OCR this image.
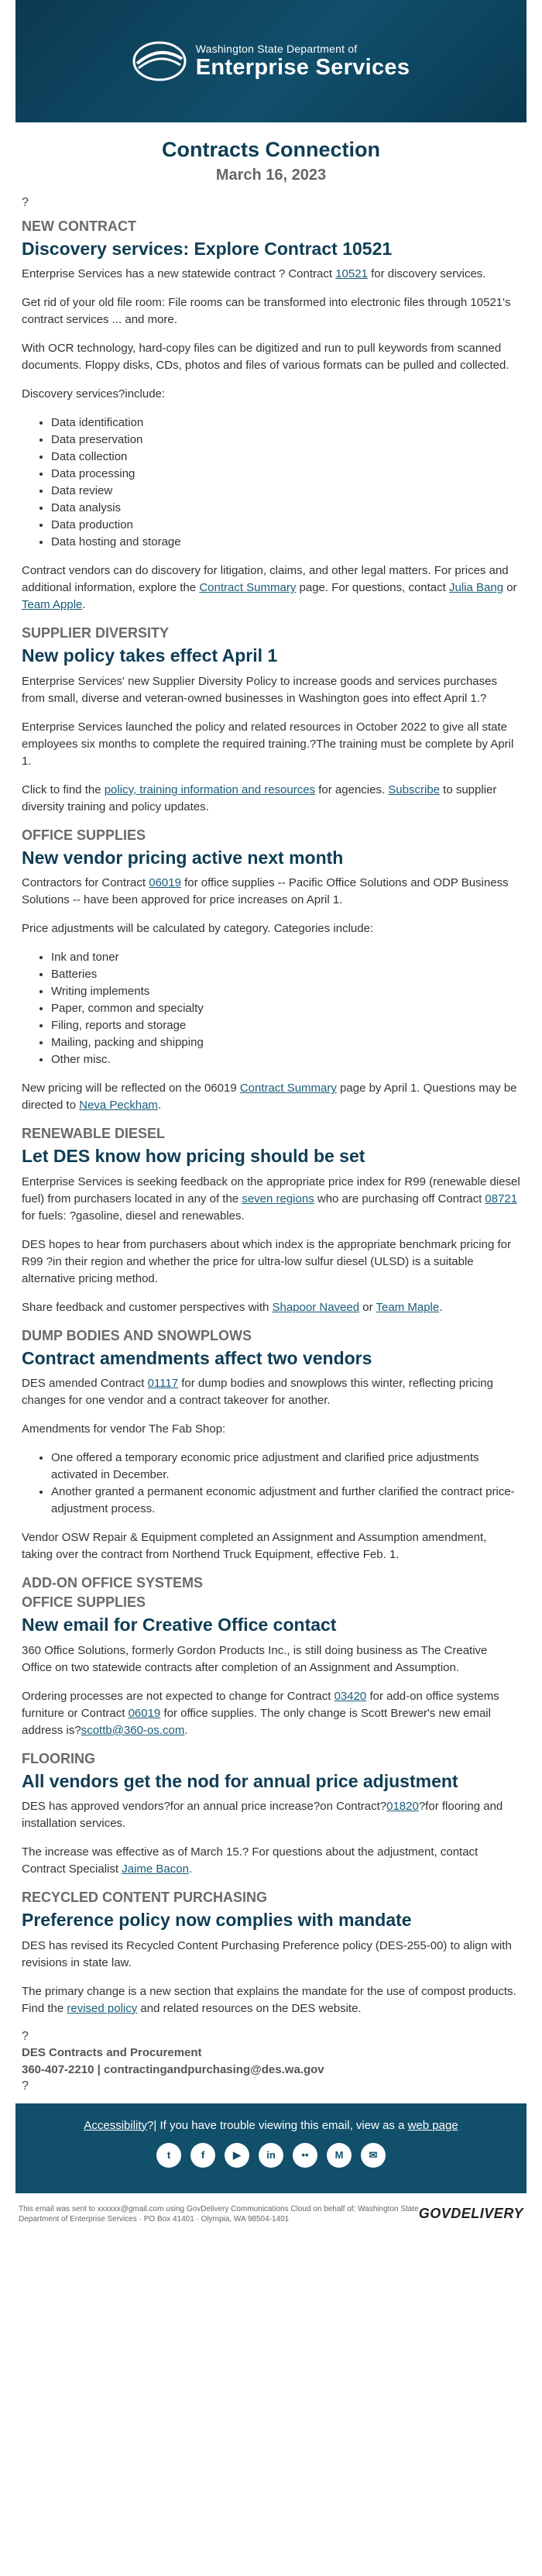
Washington State Department of
Enterprise Services
Contracts Connection
March 16, 2023
?
NEW CONTRACT
Discovery services: Explore Contract 10521

Enterprise Services has a new statewide contract ? Contract 10521 for discovery services.

Get rid of your old file room: File rooms can be transformed into electronic files through 10521's contract services ... and more.

With OCR technology, hard-copy files can be digitized and run to pull keywords from scanned documents. Floppy disks, CDs, photos and files of various formats can be pulled and collected.

Discovery services?include:

• Data identification
• Data preservation
• Data collection
• Data processing
• Data review
• Data analysis
• Data production
• Data hosting and storage

Contract vendors can do discovery for litigation, claims, and other legal matters. For prices and additional information, explore the Contract Summary page. For questions, contact Julia Bang or Team Apple.

SUPPLIER DIVERSITY
New policy takes effect April 1

Enterprise Services' new Supplier Diversity Policy to increase goods and services purchases from small, diverse and veteran-owned businesses in Washington goes into effect April 1.?

Enterprise Services launched the policy and related resources in October 2022 to give all state employees six months to complete the required training.?The training must be complete by April 1.

Click to find the policy, training information and resources for agencies. Subscribe to supplier diversity training and policy updates.

OFFICE SUPPLIES
New vendor pricing active next month

Contractors for Contract 06019 for office supplies -- Pacific Office Solutions and ODP Business Solutions -- have been approved for price increases on April 1.

Price adjustments will be calculated by category. Categories include:

• Ink and toner
• Batteries
• Writing implements
• Paper, common and specialty
• Filing, reports and storage
• Mailing, packing and shipping
• Other misc.

New pricing will be reflected on the 06019 Contract Summary page by April 1. Questions may be directed to Neva Peckham.

RENEWABLE DIESEL
Let DES know how pricing should be set

Enterprise Services is seeking feedback on the appropriate price index for R99 (renewable diesel fuel) from purchasers located in any of the seven regions who are purchasing off Contract 08721 for fuels: ?gasoline, diesel and renewables.

DES hopes to hear from purchasers about which index is the appropriate benchmark pricing for R99 ?in their region and whether the price for ultra-low sulfur diesel (ULSD) is a suitable alternative pricing method.

Share feedback and customer perspectives with Shapoor Naveed or Team Maple.

DUMP BODIES AND SNOWPLOWS
Contract amendments affect two vendors

DES amended Contract 01117 for dump bodies and snowplows this winter, reflecting pricing changes for one vendor and a contract takeover for another.

Amendments for vendor The Fab Shop:

• One offered a temporary economic price adjustment and clarified price adjustments activated in December.
• Another granted a permanent economic adjustment and further clarified the contract price-adjustment process.

Vendor OSW Repair & Equipment completed an Assignment and Assumption amendment, taking over the contract from Northend Truck Equipment, effective Feb. 1.

ADD-ON OFFICE SYSTEMS
OFFICE SUPPLIES
New email for Creative Office contact

360 Office Solutions, formerly Gordon Products Inc., is still doing business as The Creative Office on two statewide contracts after completion of an Assignment and Assumption.

Ordering processes are not expected to change for Contract 03420 for add-on office systems furniture or Contract 06019 for office supplies. The only change is Scott Brewer's new email address is?scottb@360-os.com.

FLOORING
All vendors get the nod for annual price adjustment

DES has approved vendors?for an annual price increase?on Contract?01820?for flooring and installation services.

The increase was effective as of March 15.? For questions about the adjustment, contact Contract Specialist Jaime Bacon.

RECYCLED CONTENT PURCHASING
Preference policy now complies with mandate

DES has revised its Recycled Content Purchasing Preference policy (DES-255-00) to align with revisions in state law.

The primary change is a new section that explains the mandate for the use of compost products. Find the revised policy and related resources on the DES website.

?
DES Contracts and Procurement
360-407-2210 | contractingandpurchasing@des.wa.gov
?
Accessibility?| If you have trouble viewing this email, view as a web page
t	f	▶	in	••	M	✉
This email was sent to xxxxxx@gmail.com using GovDelivery Communications Cloud on behalf of: Washington State Department of Enterprise Services · PO Box 41401 · Olympia, WA 98504-1401	GOVDELIVERY
